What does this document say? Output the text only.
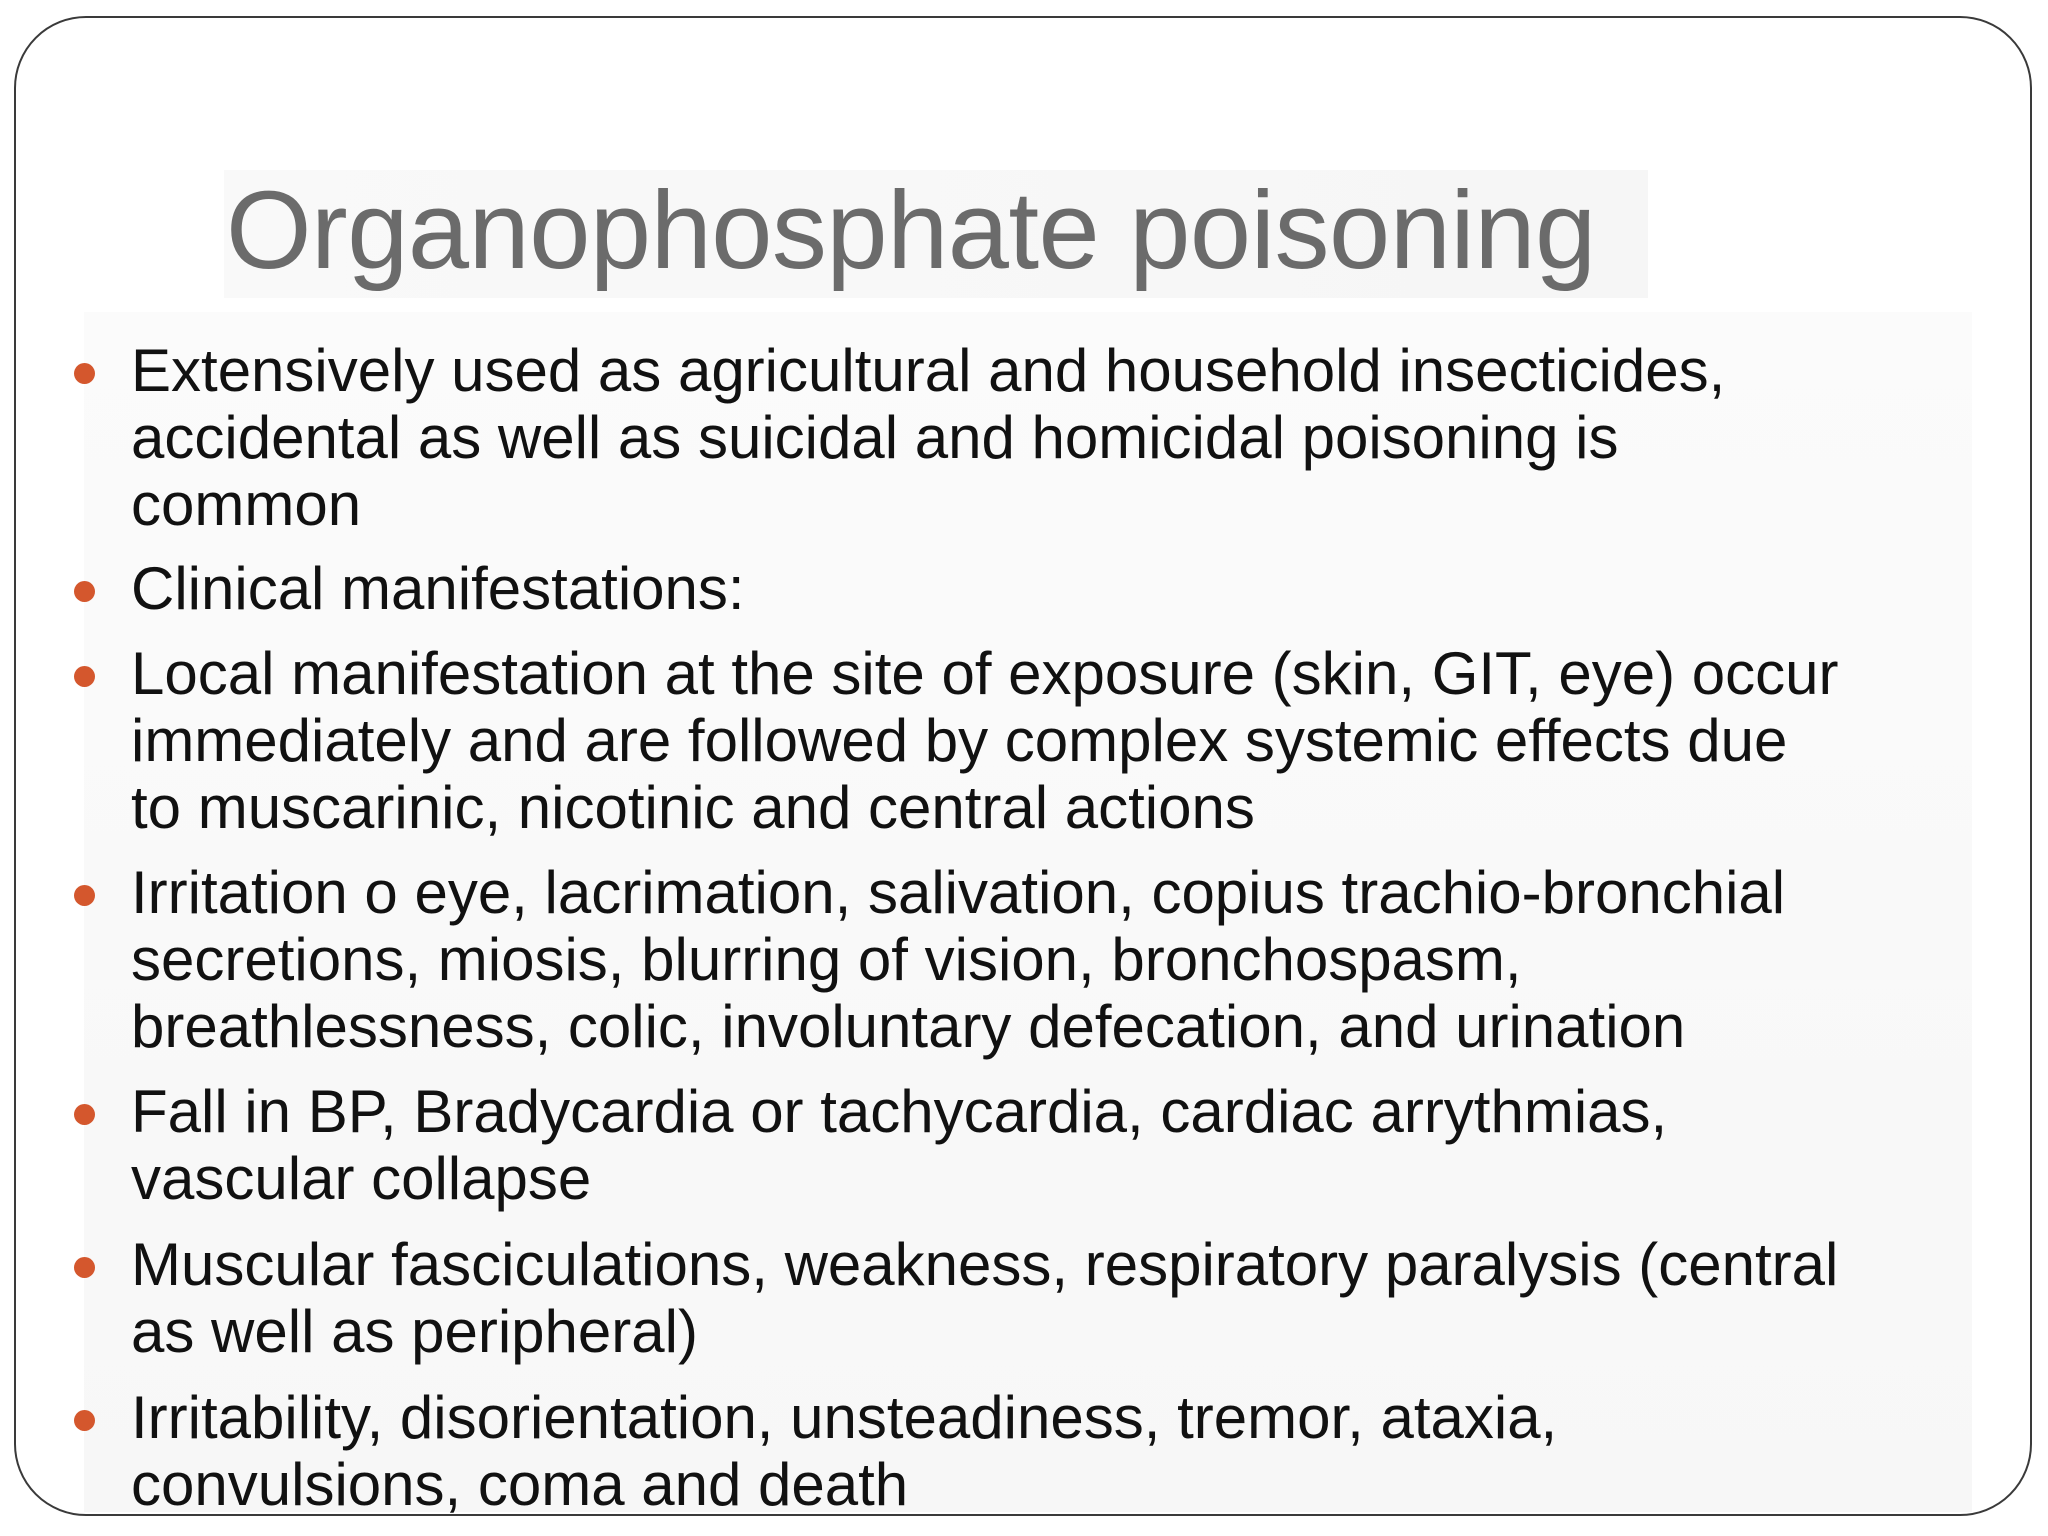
Organophosphate poisoning

Extensively used as agricultural and household insecticides,
accidental as well as suicidal and homicidal poisoning is
common

Clinical manifestations:

Local manifestation at the site of exposure (skin, GIT, eye) occur
immediately and are followed by complex systemic effects due
to muscarinic, nicotinic and central actions

Irritation o eye, lacrimation, salivation, copius trachio-bronchial
secretions, miosis, blurring of vision, bronchospasm,
breathlessness, colic, involuntary defecation, and urination

Fall in BP, Bradycardia or tachycardia, cardiac arrythmias,
vascular collapse

Muscular fasciculations, weakness, respiratory paralysis (central
as well as peripheral)

Irritability, disorientation, unsteadiness, tremor, ataxia,
convulsions, coma and death
